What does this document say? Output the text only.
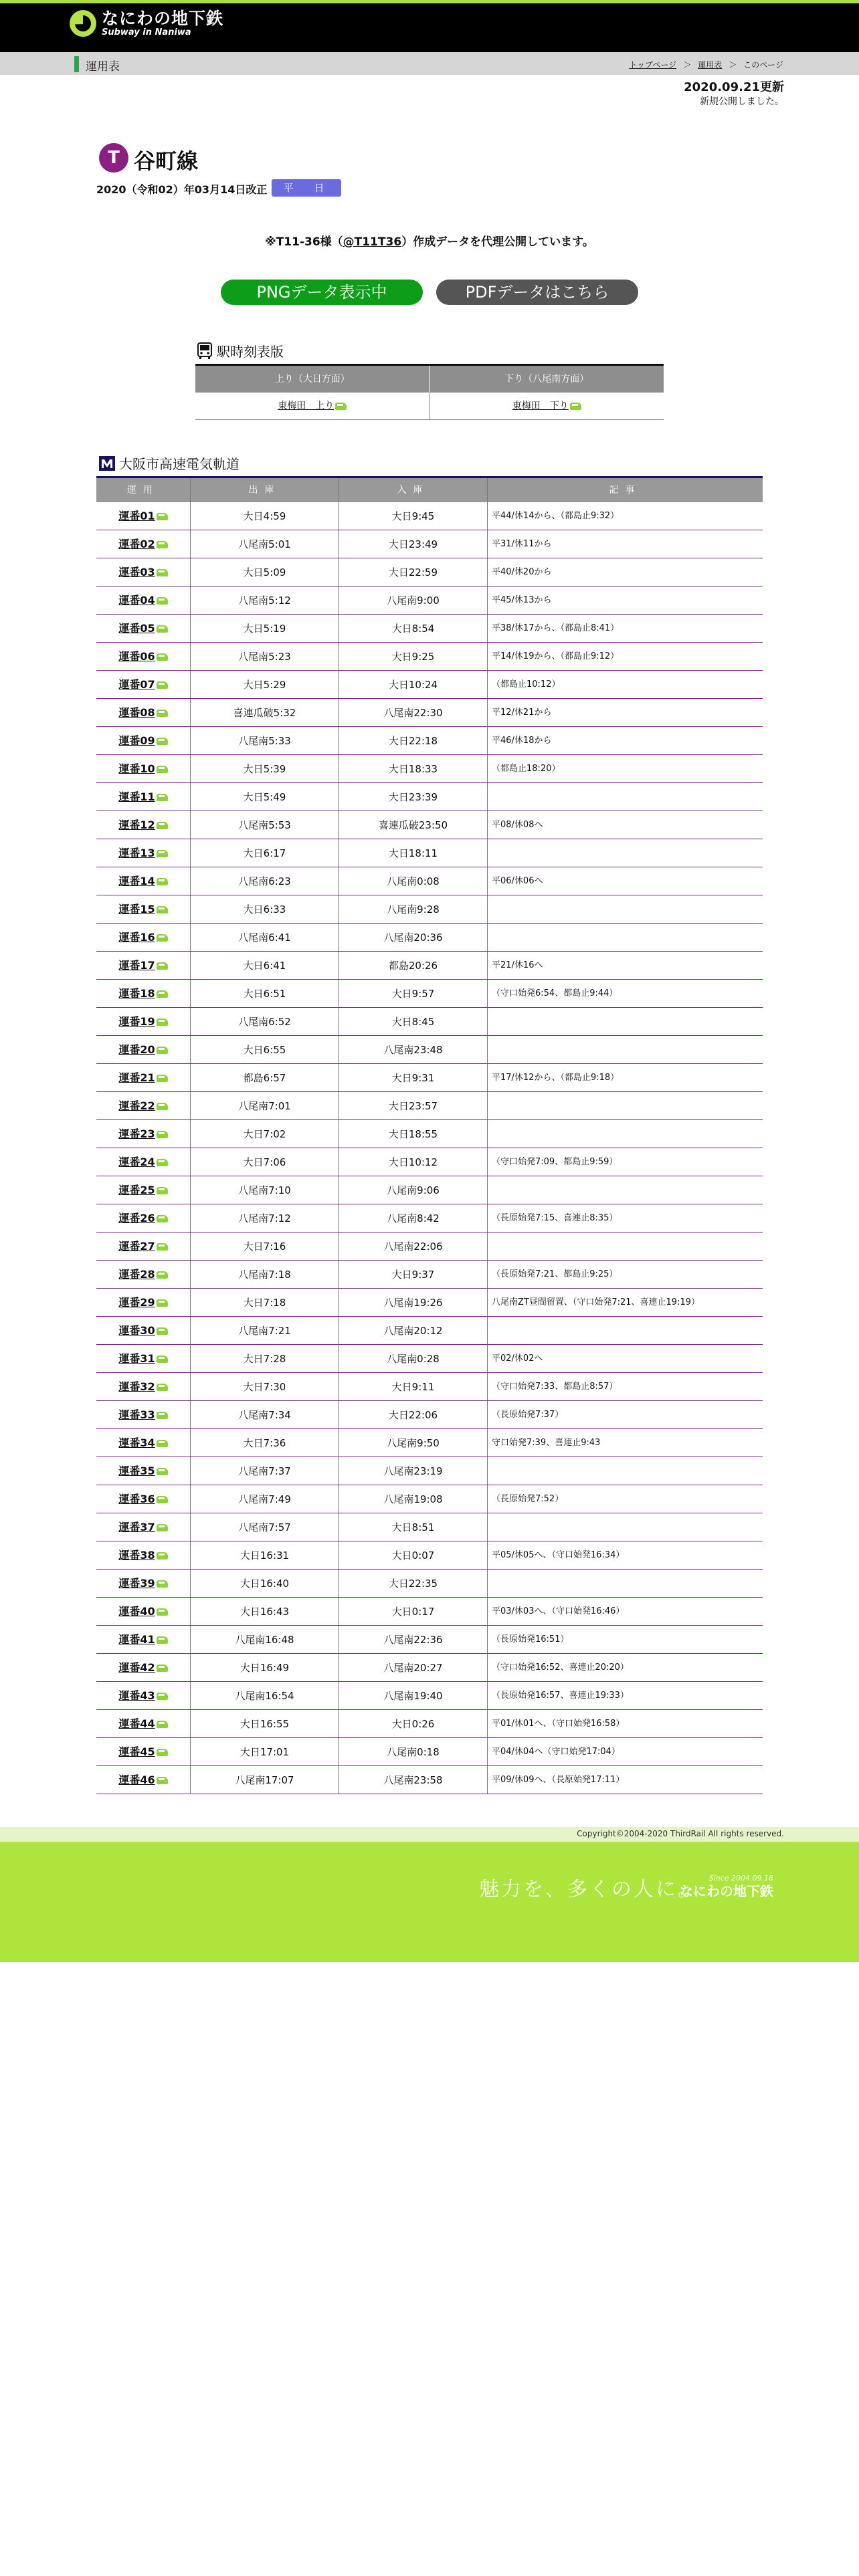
なにわの地下鉄
Subway in Naniwa
運用表	トップページ ＞ 運用表 ＞ このページ
2020.09.21更新
新規公開しました。
T 谷町線
2020（令和02）年03月14日改正	平　日
※T11-36様（@T11T36）作成データを代理公開しています。
PNGデータ表示中	PDFデータはこちら
駅時刻表版
上り（大日方面）	下り（八尾南方面）
東梅田　上り	東梅田　下り
大阪市高速電気軌道
運用	出庫	入庫	記事
運番01	大日4:59	大日9:45	平44/休14から、（都島止9:32）
運番02	八尾南5:01	大日23:49	平31/休11から
運番03	大日5:09	大日22:59	平40/休20から
運番04	八尾南5:12	八尾南9:00	平45/休13から
運番05	大日5:19	大日8:54	平38/休17から、（都島止8:41）
運番06	八尾南5:23	大日9:25	平14/休19から、（都島止9:12）
運番07	大日5:29	大日10:24	（都島止10:12）
運番08	喜連瓜破5:32	八尾南22:30	平12/休21から
運番09	八尾南5:33	大日22:18	平46/休18から
運番10	大日5:39	大日18:33	（都島止18:20）
運番11	大日5:49	大日23:39
運番12	八尾南5:53	喜連瓜破23:50	平08/休08へ
運番13	大日6:17	大日18:11
運番14	八尾南6:23	八尾南0:08	平06/休06へ
運番15	大日6:33	八尾南9:28
運番16	八尾南6:41	八尾南20:36
運番17	大日6:41	都島20:26	平21/休16へ
運番18	大日6:51	大日9:57	（守口始発6:54、都島止9:44）
運番19	八尾南6:52	大日8:45
運番20	大日6:55	八尾南23:48
運番21	都島6:57	大日9:31	平17/休12から、（都島止9:18）
運番22	八尾南7:01	大日23:57
運番23	大日7:02	大日18:55
運番24	大日7:06	大日10:12	（守口始発7:09、都島止9:59）
運番25	八尾南7:10	八尾南9:06
運番26	八尾南7:12	八尾南8:42	（長原始発7:15、喜連止8:35）
運番27	大日7:16	八尾南22:06
運番28	八尾南7:18	大日9:37	（長原始発7:21、都島止9:25）
運番29	大日7:18	八尾南19:26	八尾南ZT昼間留置、（守口始発7:21、喜連止19:19）
運番30	八尾南7:21	八尾南20:12
運番31	大日7:28	八尾南0:28	平02/休02へ
運番32	大日7:30	大日9:11	（守口始発7:33、都島止8:57）
運番33	八尾南7:34	大日22:06	（長原始発7:37）
運番34	大日7:36	八尾南9:50	守口始発7:39、喜連止9:43
運番35	八尾南7:37	八尾南23:19
運番36	八尾南7:49	八尾南19:08	（長原始発7:52）
運番37	八尾南7:57	大日8:51
運番38	大日16:31	大日0:07	平05/休05へ、（守口始発16:34）
運番39	大日16:40	大日22:35
運番40	大日16:43	大日0:17	平03/休03へ、（守口始発16:46）
運番41	八尾南16:48	八尾南22:36	（長原始発16:51）
運番42	大日16:49	八尾南20:27	（守口始発16:52、喜連止20:20）
運番43	八尾南16:54	八尾南19:40	（長原始発16:57、喜連止19:33）
運番44	大日16:55	大日0:26	平01/休01へ、（守口始発16:58）
運番45	大日17:01	八尾南0:18	平04/休04へ（守口始発17:04）
運番46	八尾南17:07	八尾南23:58	平09/休09へ、（長原始発17:11）
Copyright©2004-2020 ThirdRail All rights reserved.
魅力を、多くの人に。 Since 2004.09.18
なにわの地下鉄
